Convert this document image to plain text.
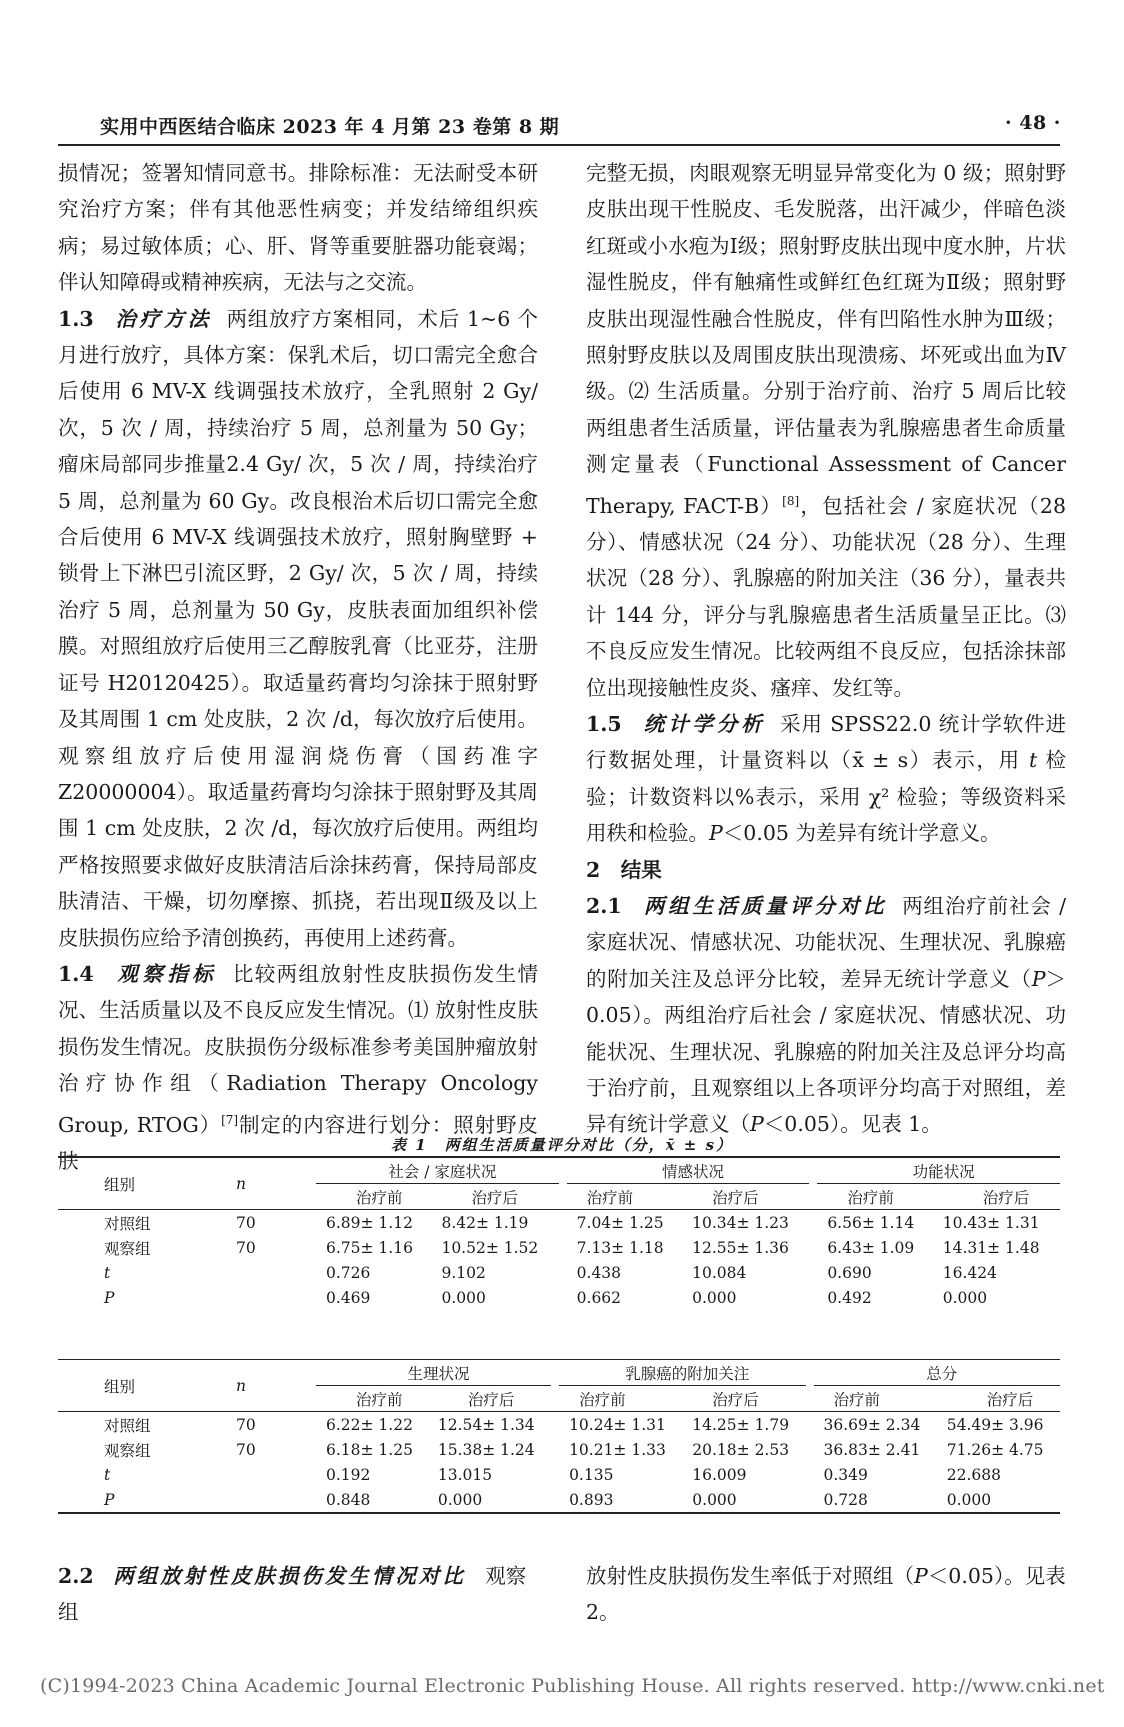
实用中西医结合临床 2023 年 4 月第 23 卷第 8 期	· 48 ·

损情况；签署知情同意书。排除标准：无法耐受本研究治疗方案；伴有其他恶性病变；并发结缔组织疾病；易过敏体质；心、肝、肾等重要脏器功能衰竭；伴认知障碍或精神疾病，无法与之交流。

1.3 治疗方法 两组放疗方案相同，术后 1~6 个月进行放疗，具体方案：保乳术后，切口需完全愈合后使用 6 MV-X 线调强技术放疗，全乳照射 2 Gy/ 次，5 次 / 周，持续治疗 5 周，总剂量为 50 Gy；瘤床局部同步推量2.4 Gy/ 次，5 次 / 周，持续治疗 5 周，总剂量为 60 Gy。改良根治术后切口需完全愈合后使用 6 MV-X 线调强技术放疗，照射胸壁野 + 锁骨上下淋巴引流区野，2 Gy/ 次，5 次 / 周，持续治疗 5 周，总剂量为 50 Gy，皮肤表面加组织补偿膜。对照组放疗后使用三乙醇胺乳膏（比亚芬，注册证号 H20120425）。取适量药膏均匀涂抹于照射野及其周围 1 cm 处皮肤，2 次 /d，每次放疗后使用。观察组放疗后使用湿润烧伤膏（国药准字 Z20000004）。取适量药膏均匀涂抹于照射野及其周围 1 cm 处皮肤，2 次 /d，每次放疗后使用。两组均严格按照要求做好皮肤清洁后涂抹药膏，保持局部皮肤清洁、干燥，切勿摩擦、抓挠，若出现Ⅱ级及以上皮肤损伤应给予清创换药，再使用上述药膏。

1.4 观察指标 比较两组放射性皮肤损伤发生情况、生活质量以及不良反应发生情况。⑴ 放射性皮肤损伤发生情况。皮肤损伤分级标准参考美国肿瘤放射治疗协作组（Radiation Therapy Oncology Group, RTOG）[7]制定的内容进行划分：照射野皮肤

完整无损，肉眼观察无明显异常变化为 0 级；照射野皮肤出现干性脱皮、毛发脱落，出汗减少，伴暗色淡红斑或小水疱为Ⅰ级；照射野皮肤出现中度水肿，片状湿性脱皮，伴有触痛性或鲜红色红斑为Ⅱ级；照射野皮肤出现湿性融合性脱皮，伴有凹陷性水肿为Ⅲ级；照射野皮肤以及周围皮肤出现溃疡、坏死或出血为Ⅳ级。⑵ 生活质量。分别于治疗前、治疗 5 周后比较两组患者生活质量，评估量表为乳腺癌患者生命质量测定量表（Functional Assessment of Cancer Therapy, FACT-B）[8]，包括社会 / 家庭状况（28 分）、情感状况（24 分）、功能状况（28 分）、生理状况（28 分）、乳腺癌的附加关注（36 分），量表共计 144 分，评分与乳腺癌患者生活质量呈正比。⑶ 不良反应发生情况。比较两组不良反应，包括涂抹部位出现接触性皮炎、瘙痒、发红等。

1.5 统计学分析 采用 SPSS22.0 统计学软件进行数据处理，计量资料以（x̄ ± s）表示，用 t 检验；计数资料以%表示，采用 χ² 检验；等级资料采用秩和检验。P＜0.05 为差异有统计学意义。

2　结果

2.1 两组生活质量评分对比 两组治疗前社会 / 家庭状况、情感状况、功能状况、生理状况、乳腺癌的附加关注及总评分比较，差异无统计学意义（P＞0.05）。两组治疗后社会 / 家庭状况、情感状况、功能状况、生理状况、乳腺癌的附加关注及总评分均高于治疗前，且观察组以上各项评分均高于对照组，差异有统计学意义（P＜0.05）。见表 1。

表 1　两组生活质量评分对比（分，x̄ ± s）
组别	n	社会 / 家庭状况			情感状况			功能状况	
		治疗前	治疗后		治疗前	治疗后		治疗前	治疗后
对照组	70	6.89± 1.12	8.42± 1.19		7.04± 1.25	10.34± 1.23		6.56± 1.14	10.43± 1.31
观察组	70	6.75± 1.16	10.52± 1.52		7.13± 1.18	12.55± 1.36		6.43± 1.09	14.31± 1.48
t		0.726	9.102		0.438	10.084		0.690	16.424
P		0.469	0.000		0.662	0.000		0.492	0.000
组别	n	生理状况			乳腺癌的附加关注			总分	
		治疗前	治疗后		治疗前	治疗后		治疗前	治疗后
对照组	70	6.22± 1.22	12.54± 1.34		10.24± 1.31	14.25± 1.79		36.69± 2.34	54.49± 3.96
观察组	70	6.18± 1.25	15.38± 1.24		10.21± 1.33	20.18± 2.53		36.83± 2.41	71.26± 4.75
t		0.192	13.015		0.135	16.009		0.349	22.688
P		0.848	0.000		0.893	0.000		0.728	0.000
2.2 两组放射性皮肤损伤发生情况对比 观察组
放射性皮肤损伤发生率低于对照组（P＜0.05）。见表2。
(C)1994-2023 China Academic Journal Electronic Publishing House. All rights reserved. http://www.cnki.net
